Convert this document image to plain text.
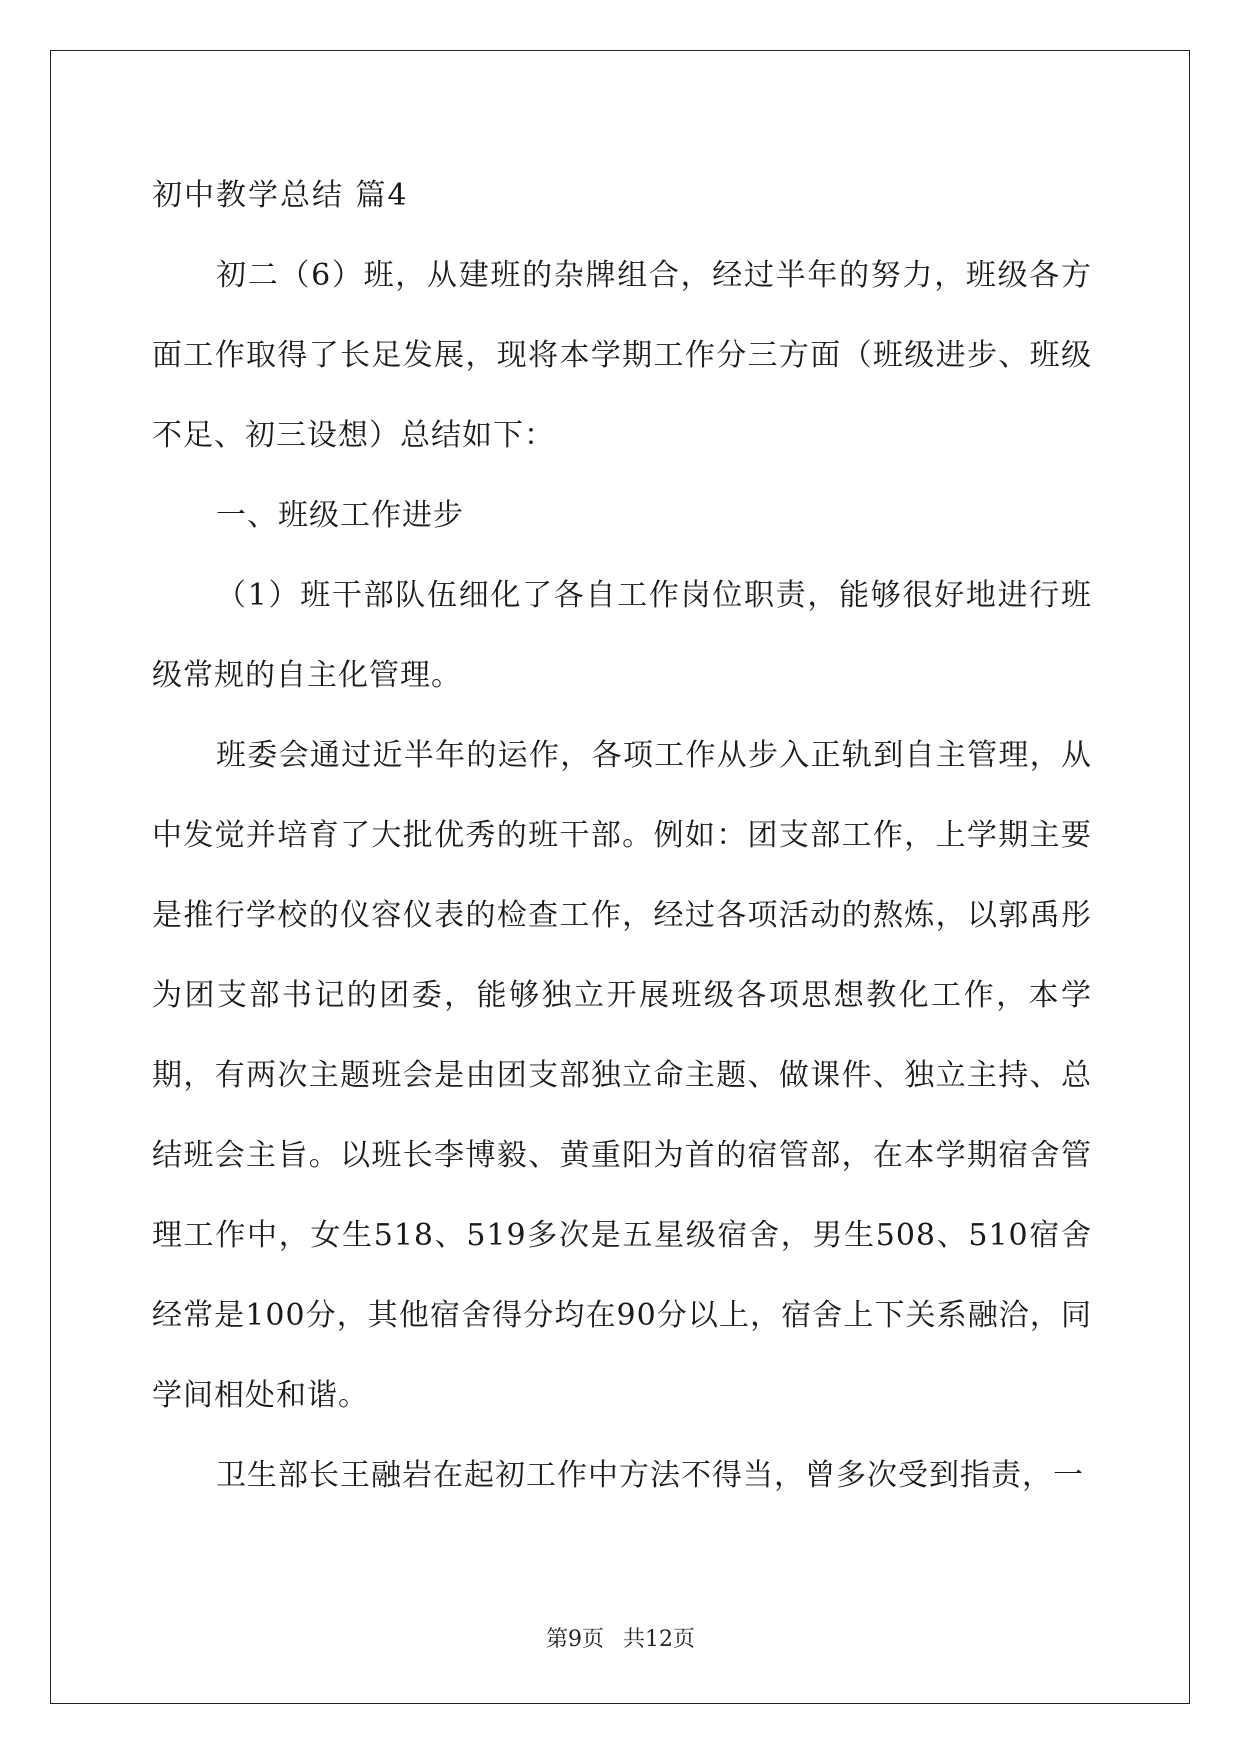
初中教学总结 篇4

初二（6）班，从建班的杂牌组合，经过半年的努力，班级各方面工作取得了长足发展，现将本学期工作分三方面（班级进步、班级不足、初三设想）总结如下：

一、班级工作进步

（1）班干部队伍细化了各自工作岗位职责，能够很好地进行班级常规的自主化管理。

班委会通过近半年的运作，各项工作从步入正轨到自主管理，从中发觉并培育了大批优秀的班干部。例如：团支部工作，上学期主要是推行学校的仪容仪表的检查工作，经过各项活动的熬炼，以郭禹彤为团支部书记的团委，能够独立开展班级各项思想教化工作，本学期，有两次主题班会是由团支部独立命主题、做课件、独立主持、总结班会主旨。以班长李博毅、黄重阳为首的宿管部，在本学期宿舍管理工作中，女生518、519多次是五星级宿舍，男生508、510宿舍经常是100分，其他宿舍得分均在90分以上，宿舍上下关系融洽，同学间相处和谐。

卫生部长王融岩在起初工作中方法不得当，曾多次受到指责，一

第9页 共12页
